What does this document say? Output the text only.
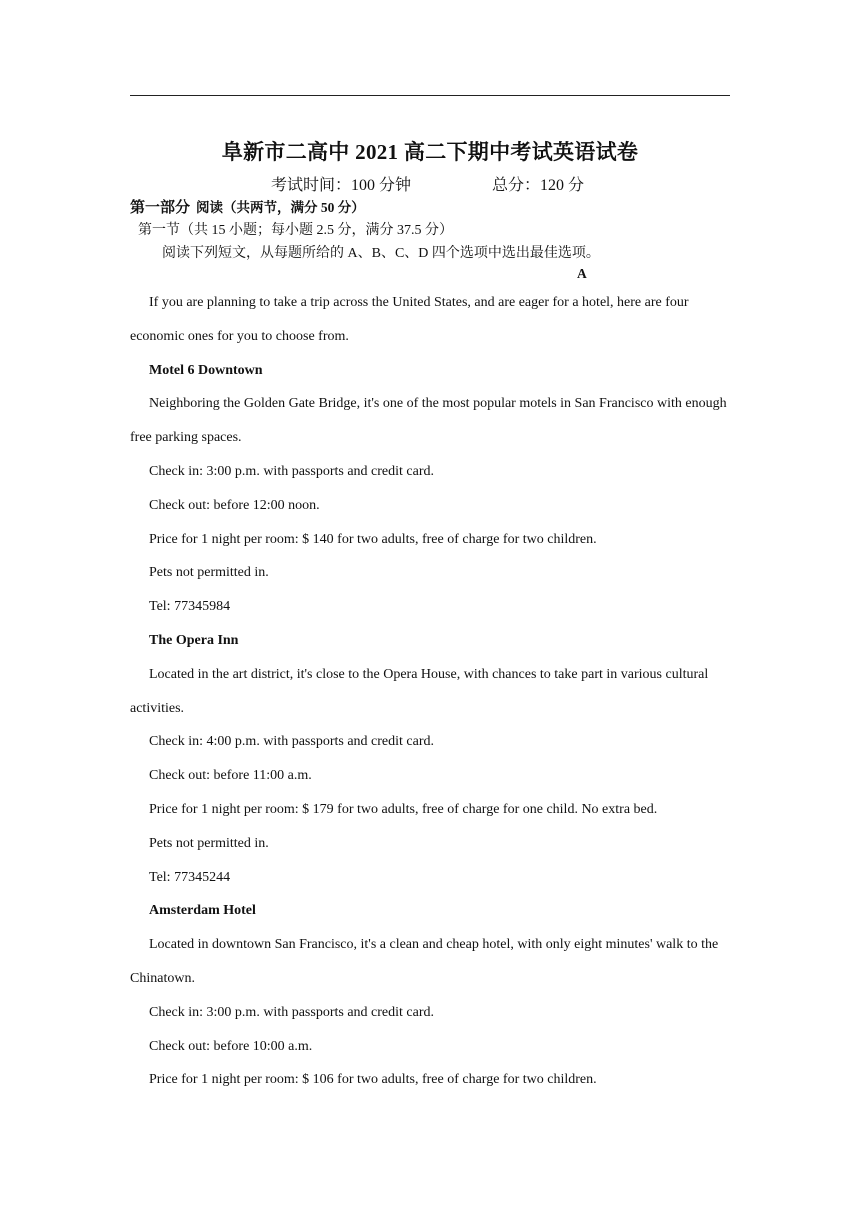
阜新市二高中 2021 高二下期中考试英语试卷
考试时间：100 分钟	总分：120 分
第一部分 阅读（共两节，满分 50 分）
第一节（共 15 小题；每小题 2.5 分，满分 37.5 分）
阅读下列短文，从每题所给的 A、B、C、D 四个选项中选出最佳选项。
A

If you are planning to take a trip across the United States, and are eager for a hotel, here are four economic ones for you to choose from.

Motel 6 Downtown

Neighboring the Golden Gate Bridge, it's one of the most popular motels in San Francisco with enough free parking spaces.

Check in: 3:00 p.m. with passports and credit card.

Check out: before 12:00 noon.

Price for 1 night per room: $ 140 for two adults, free of charge for two children.

Pets not permitted in.

Tel: 77345984

The Opera Inn

Located in the art district, it's close to the Opera House, with chances to take part in various cultural activities.

Check in: 4:00 p.m. with passports and credit card.

Check out: before 11:00 a.m.

Price for 1 night per room: $ 179 for two adults, free of charge for one child. No extra bed.

Pets not permitted in.

Tel: 77345244

Amsterdam Hotel

Located in downtown San Francisco, it's a clean and cheap hotel, with only eight minutes' walk to the Chinatown.

Check in: 3:00 p.m. with passports and credit card.

Check out: before 10:00 a.m.

Price for 1 night per room: $ 106 for two adults, free of charge for two children.
